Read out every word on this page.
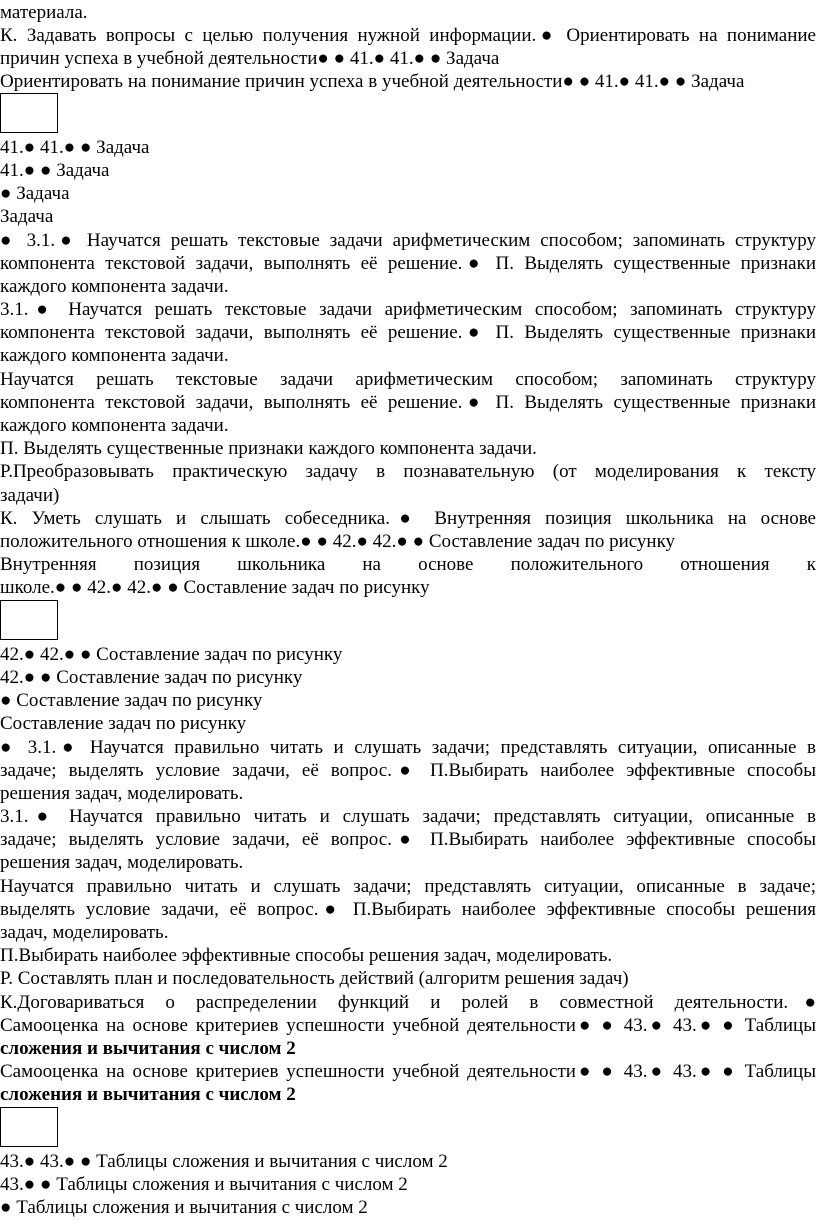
материала.
К. Задавать вопросы с целью получения нужной информации.● Ориентировать на понимание
причин успеха в учебной деятельности● ● 41.● 41.● ● Задача
Ориентировать на понимание причин успеха в учебной деятельности● ● 41.● 41.● ● Задача
41.● 41.● ● Задача
41.● ● Задача
● Задача
Задача
● 3.1.● Научатся решать текстовые задачи арифметическим способом; запоминать структуру
компонента текстовой задачи, выполнять её решение.● П. Выделять существенные признаки
каждого компонента задачи.
3.1.● Научатся решать текстовые задачи арифметическим способом; запоминать структуру
компонента текстовой задачи, выполнять её решение.● П. Выделять существенные признаки
каждого компонента задачи.
Научатся решать текстовые задачи арифметическим способом; запоминать структуру
компонента текстовой задачи, выполнять её решение.● П. Выделять существенные признаки
каждого компонента задачи.
П. Выделять существенные признаки каждого компонента задачи.
Р.Преобразовывать практическую задачу в познавательную (от моделирования к тексту
задачи)
К. Уметь слушать и слышать собеседника.● Внутренняя позиция школьника на основе
положительного отношения к школе.● ● 42.● 42.● ● Составление задач по рисунку
Внутренняя позиция школьника на основе положительного отношения к
школе.● ● 42.● 42.● ● Составление задач по рисунку
42.● 42.● ● Составление задач по рисунку
42.● ● Составление задач по рисунку
● Составление задач по рисунку
Составление задач по рисунку
● 3.1.● Научатся правильно читать и слушать задачи; представлять ситуации, описанные в
задаче; выделять условие задачи, её вопрос.● П.Выбирать наиболее эффективные способы
решения задач, моделировать.
3.1.● Научатся правильно читать и слушать задачи; представлять ситуации, описанные в
задаче; выделять условие задачи, её вопрос.● П.Выбирать наиболее эффективные способы
решения задач, моделировать.
Научатся правильно читать и слушать задачи; представлять ситуации, описанные в задаче;
выделять условие задачи, её вопрос.● П.Выбирать наиболее эффективные способы решения
задач, моделировать.
П.Выбирать наиболее эффективные способы решения задач, моделировать.
Р. Составлять план и последовательность действий (алгоритм решения задач)
К.Договариваться о распределении функций и ролей в совместной деятельности.●
Самооценка на основе критериев успешности учебной деятельности● ● 43.● 43.● ● Таблицы
сложения и вычитания с числом 2
Самооценка на основе критериев успешности учебной деятельности● ● 43.● 43.● ● Таблицы
сложения и вычитания с числом 2
43.● 43.● ● Таблицы сложения и вычитания с числом 2
43.● ● Таблицы сложения и вычитания с числом 2
● Таблицы сложения и вычитания с числом 2
